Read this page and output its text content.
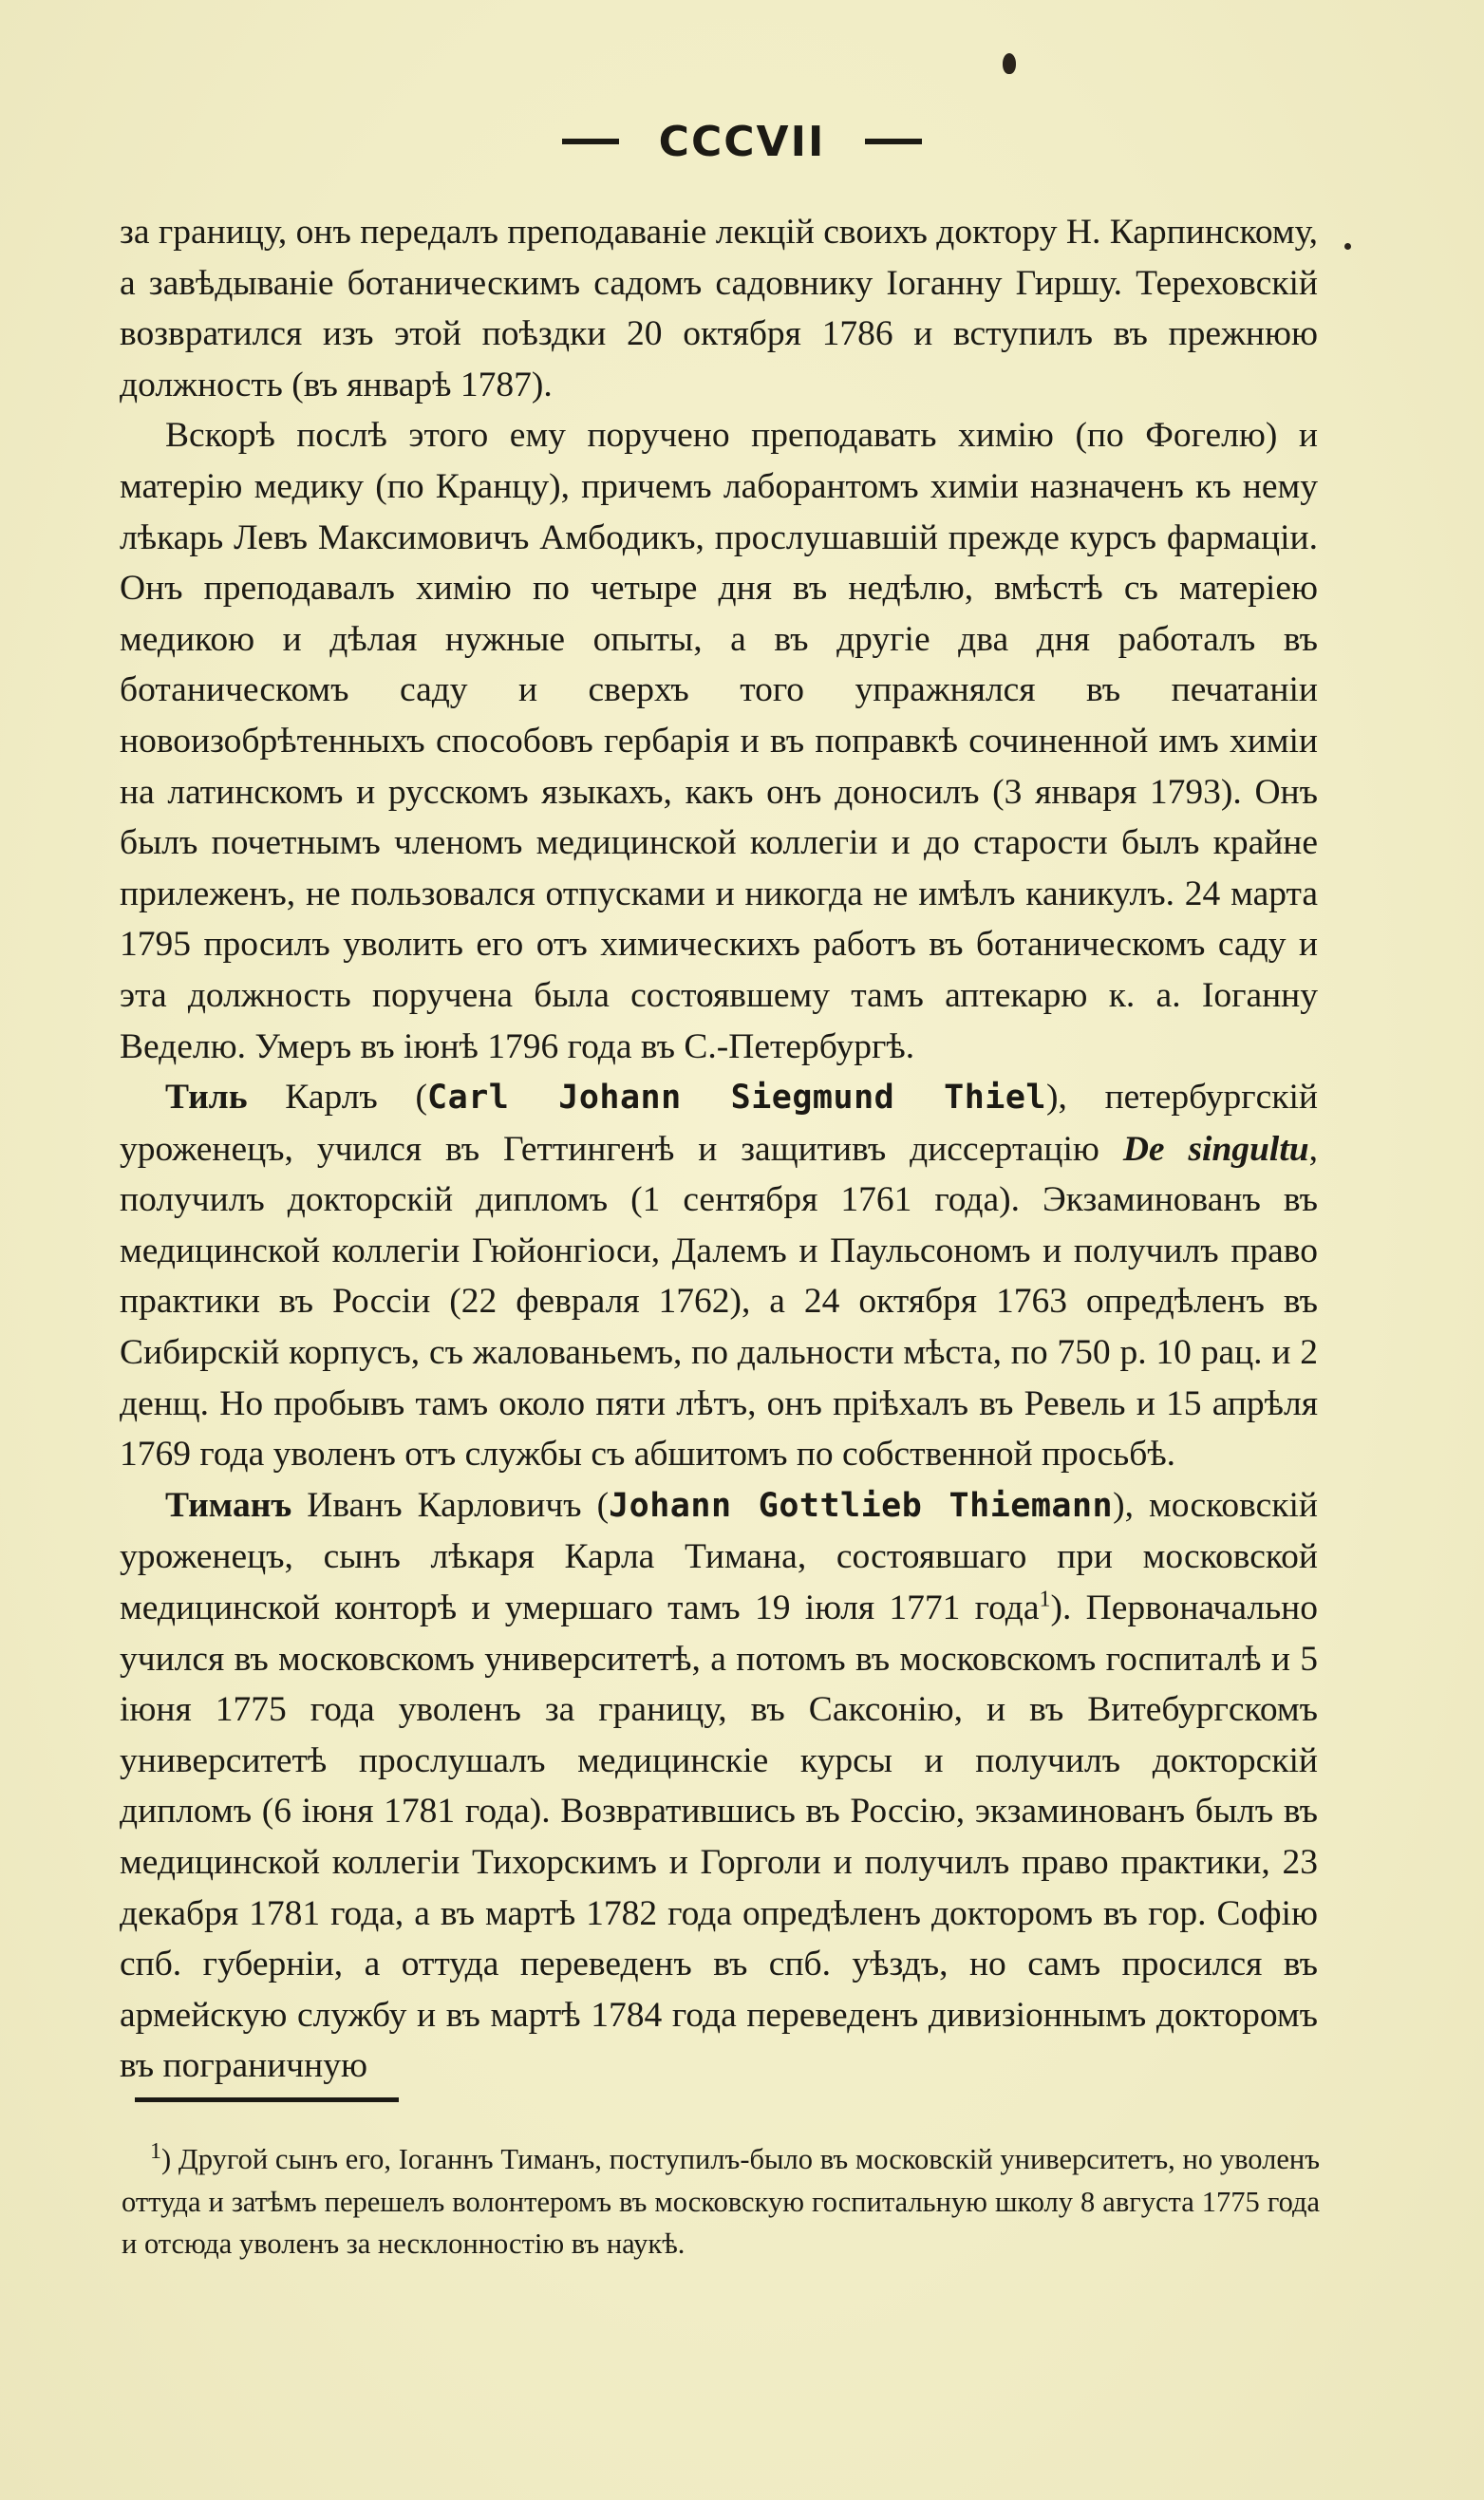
СССVII

за границу, онъ передалъ преподаванiе лекцiй своихъ доктору Н. Карпинскому, а завѣдыванiе ботаническимъ садомъ садовнику Iоганну Гиршу. Тереховскiй возвратился изъ этой поѣздки 20 октября 1786 и вступилъ въ прежнюю должность (въ январѣ 1787).

Вскорѣ послѣ этого ему поручено преподавать химiю (по Фогелю) и матерiю медику (по Кранцу), причемъ лаборантомъ химiи назначенъ къ нему лѣкарь Левъ Максимовичъ Амбодикъ, прослушавшiй прежде курсъ фармацiи. Онъ преподавалъ химiю по четыре дня въ недѣлю, вмѣстѣ съ матерiею медикою и дѣлая нужные опыты, а въ другiе два дня работалъ въ ботаническомъ саду и сверхъ того упражнялся въ печатанiи новоизобрѣтенныхъ способовъ гербарiя и въ поправкѣ сочиненной имъ химiи на латинскомъ и русскомъ языкахъ, какъ онъ доносилъ (3 января 1793). Онъ былъ почетнымъ членомъ медицинской коллегiи и до старости былъ крайне прилеженъ, не пользовался отпусками и никогда не имѣлъ каникулъ. 24 марта 1795 просилъ уволить его отъ химическихъ работъ въ ботаническомъ саду и эта должность поручена была состоявшему тамъ аптекарю к. а. Iоганну Веделю. Умеръ въ iюнѣ 1796 года въ С.-Петербургѣ.

Тиль Карлъ (Carl Johann Siegmund Thiel), петербургскiй уроженецъ, учился въ Геттингенѣ и защитивъ диссертацiю De singultu, получилъ докторскiй дипломъ (1 сентября 1761 года). Экзаминованъ въ медицинской коллегiи Гюйонгiоси, Далемъ и Паульсономъ и получилъ право практики въ Россiи (22 февраля 1762), а 24 октября 1763 опредѣленъ въ Сибирскiй корпусъ, съ жалованьемъ, по дальности мѣста, по 750 р. 10 рац. и 2 денщ. Но пробывъ тамъ около пяти лѣтъ, онъ прiѣхалъ въ Ревель и 15 апрѣля 1769 года уволенъ отъ службы съ абшитомъ по собственной просьбѣ.

Тиманъ Иванъ Карловичъ (Johann Gottlieb Thiemann), московскiй уроженецъ, сынъ лѣкаря Карла Тимана, состоявшаго при московской медицинской конторѣ и умершаго тамъ 19 iюля 1771 года$^1$). Первоначально учился въ московскомъ университетѣ, а потомъ въ московскомъ госпиталѣ и 5 iюня 1775 года уволенъ за границу, въ Саксонiю, и въ Витебургскомъ университетѣ прослушалъ медицинскiе курсы и получилъ докторскiй дипломъ (6 iюня 1781 года). Возвратившись въ Россiю, экзаминованъ былъ въ медицинской коллегiи Тихорскимъ и Горголи и получилъ право практики, 23 декабря 1781 года, а въ мартѣ 1782 года опредѣленъ докторомъ въ гор. Софiю спб. губернiи, а оттуда переведенъ въ спб. уѣздъ, но самъ просился въ армейскую службу и въ мартѣ 1784 года переведенъ дивизiоннымъ докторомъ въ пограничную

$^1$) Другой сынъ его, Iоганнъ Тиманъ, поступилъ-было въ московскiй университетъ, но уволенъ оттуда и затѣмъ перешелъ волонтеромъ въ московскую госпитальную школу 8 августа 1775 года и отсюда уволенъ за несклонностiю въ наукѣ.
